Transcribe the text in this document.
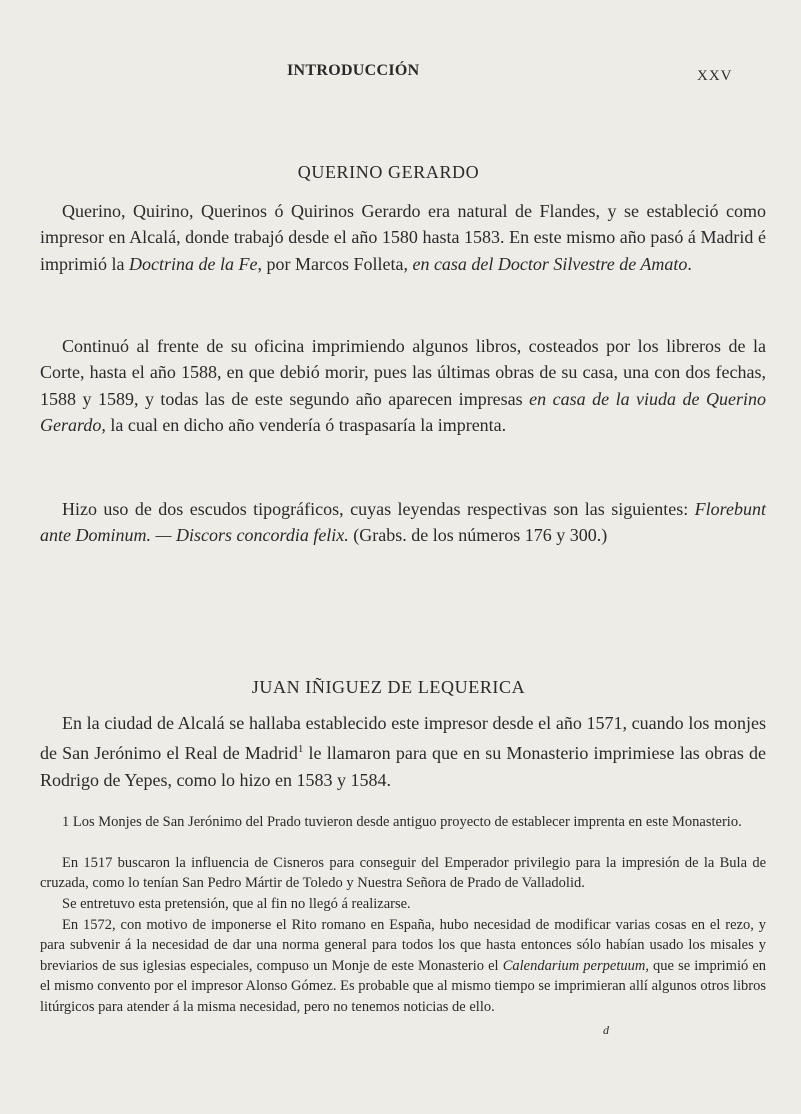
INTRODUCCIÓN	XXV
QUERINO GERARDO

Querino, Quirino, Querinos ó Quirinos Gerardo era natural de Flandes, y se estableció como impresor en Alcalá, donde trabajó desde el año 1580 hasta 1583. En este mismo año pasó á Madrid é imprimió la Doctrina de la Fe, por Marcos Folleta, en casa del Doctor Silvestre de Amato.

Continuó al frente de su oficina imprimiendo algunos libros, costeados por los libreros de la Corte, hasta el año 1588, en que debió morir, pues las últimas obras de su casa, una con dos fechas, 1588 y 1589, y todas las de este segundo año aparecen impresas en casa de la viuda de Querino Gerardo, la cual en dicho año vendería ó traspasaría la imprenta.

Hizo uso de dos escudos tipográficos, cuyas leyendas respectivas son las siguientes: Florebunt ante Dominum. — Discors concordia felix. (Grabs. de los números 176 y 300.)

JUAN IÑIGUEZ DE LEQUERICA

En la ciudad de Alcalá se hallaba establecido este impresor desde el año 1571, cuando los monjes de San Jerónimo el Real de Madrid$^1$ le llamaron para que en su Monasterio imprimiese las obras de Rodrigo de Yepes, como lo hizo en 1583 y 1584.

1 Los Monjes de San Jerónimo del Prado tuvieron desde antiguo proyecto de establecer imprenta en este Monasterio.

En 1517 buscaron la influencia de Cisneros para conseguir del Emperador privilegio para la impresión de la Bula de cruzada, como lo tenían San Pedro Mártir de Toledo y Nuestra Señora de Prado de Valladolid.

Se entretuvo esta pretensión, que al fin no llegó á realizarse.

En 1572, con motivo de imponerse el Rito romano en España, hubo necesidad de modificar varias cosas en el rezo, y para subvenir á la necesidad de dar una norma general para todos los que hasta entonces sólo habían usado los misales y breviarios de sus iglesias especiales, compuso un Monje de este Monasterio el Calendarium perpetuum, que se imprimió en el mismo convento por el impresor Alonso Gómez. Es probable que al mismo tiempo se imprimieran allí algunos otros libros litúrgicos para atender á la misma necesidad, pero no tenemos noticias de ello.

d
